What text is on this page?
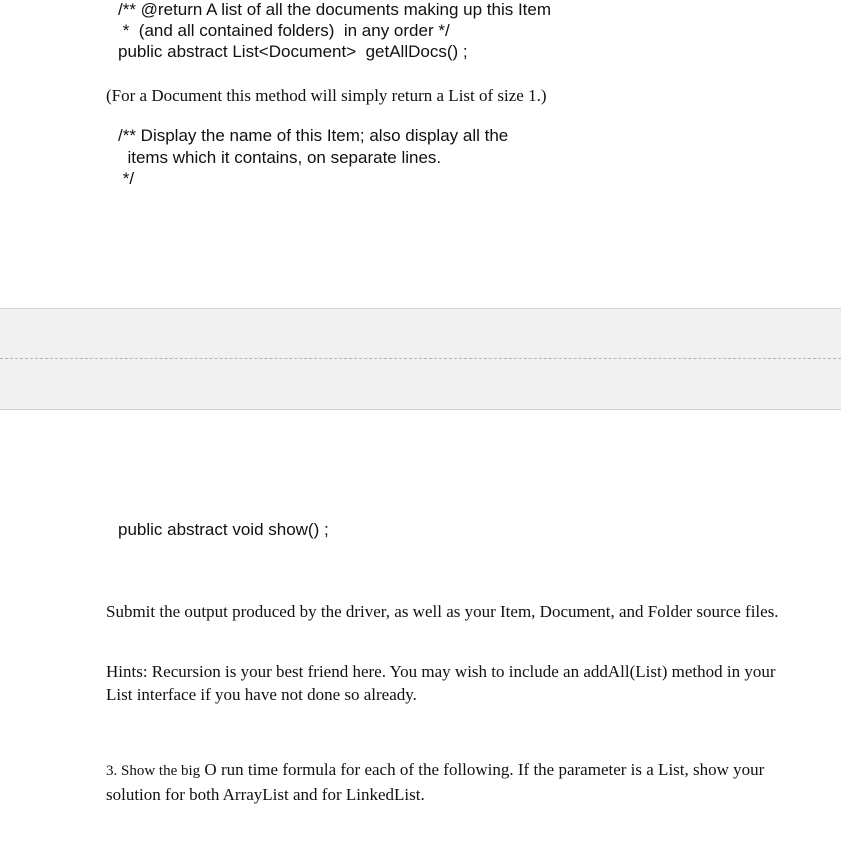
/** @return A list of all the documents making up this Item
*  (and all contained folders)  in any order */
public abstract List<Document>  getAllDocs() ;
(For a Document this method will simply return a List of size 1.)
/** Display the name of this Item; also display all the
items which it contains, on separate lines.
*/
public abstract void show() ;
Submit the output produced by the driver, as well as your Item, Document, and Folder source files.
Hints: Recursion is your best friend here. You may wish to include an addAll(List) method in your List interface if you have not done so already.
3. Show the big O run time formula for each of the following. If the parameter is a List, show your solution for both ArrayList and for LinkedList.
